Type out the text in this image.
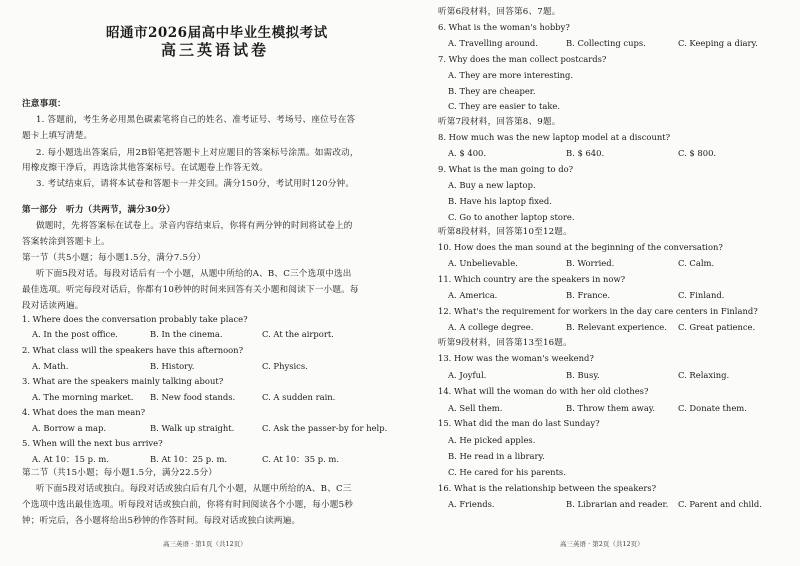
昭通市2026届高中毕业生模拟考试
高三英语试卷
注意事项：
1. 答题前，考生务必用黑色碳素笔将自己的姓名、准考证号、考场号、座位号在答
题卡上填写清楚。
2. 每小题选出答案后，用2B铅笔把答题卡上对应题目的答案标号涂黑。如需改动，
用橡皮擦干净后，再选涂其他答案标号。在试题卷上作答无效。
3. 考试结束后，请将本试卷和答题卡一并交回。满分150分，考试用时120分钟。
第一部分　听力（共两节，满分30分）
做题时，先将答案标在试卷上。录音内容结束后，你将有两分钟的时间将试卷上的
答案转涂到答题卡上。
第一节（共5小题；每小题1.5分，满分7.5分）
听下面5段对话。每段对话后有一个小题，从题中所给的A、B、C三个选项中选出
最佳选项。听完每段对话后，你都有10秒钟的时间来回答有关小题和阅读下一小题。每
段对话读两遍。
1. Where does the conversation probably take place?
A. In the post office.	B. In the cinema.	C. At the airport.
2. What class will the speakers have this afternoon?
A. Math.	B. History.	C. Physics.
3. What are the speakers mainly talking about?
A. The morning market. B. New food stands.	C. A sudden rain.
4. What does the man mean?
A. Borrow a map.	B. Walk up straight.	C. Ask the passer-by for help.
5. When will the next bus arrive?
A. At 10：15 p. m.	B. At 10：25 p. m.	C. At 10：35 p. m.
第二节（共15小题；每小题1.5分，满分22.5分）
听下面5段对话或独白。每段对话或独白后有几个小题，从题中所给的A、B、C三
个选项中选出最佳选项。听每段对话或独白前，你将有时间阅读各个小题，每小题5秒
钟；听完后，各小题将给出5秒钟的作答时间。每段对话或独白读两遍。
高三英语 · 第1页（共12页）
听第6段材料，回答第6、7题。
6. What is the woman's hobby?
A. Travelling around.	B. Collecting cups.	C. Keeping a diary.
7. Why does the man collect postcards?
A. They are more interesting.
B. They are cheaper.
C. They are easier to take.
听第7段材料，回答第8、9题。
8. How much was the new laptop model at a discount?
A. $ 400.	B. $ 640.	C. $ 800.
9. What is the man going to do?
A. Buy a new laptop.
B. Have his laptop fixed.
C. Go to another laptop store.
听第8段材料，回答第10至12题。
10. How does the man sound at the beginning of the conversation?
A. Unbelievable.	B. Worried.	C. Calm.
11. Which country are the speakers in now?
A. America.	B. France.	C. Finland.
12. What's the requirement for workers in the day care centers in Finland?
A. A college degree.	B. Relevant experience. C. Great patience.
听第9段材料，回答第13至16题。
13. How was the woman's weekend?
A. Joyful.	B. Busy.	C. Relaxing.
14. What will the woman do with her old clothes?
A. Sell them.	B. Throw them away.	C. Donate them.
15. What did the man do last Sunday?
A. He picked apples.
B. He read in a library.
C. He cared for his parents.
16. What is the relationship between the speakers?
A. Friends.	B. Librarian and reader. C. Parent and child.
高三英语 · 第2页（共12页）
